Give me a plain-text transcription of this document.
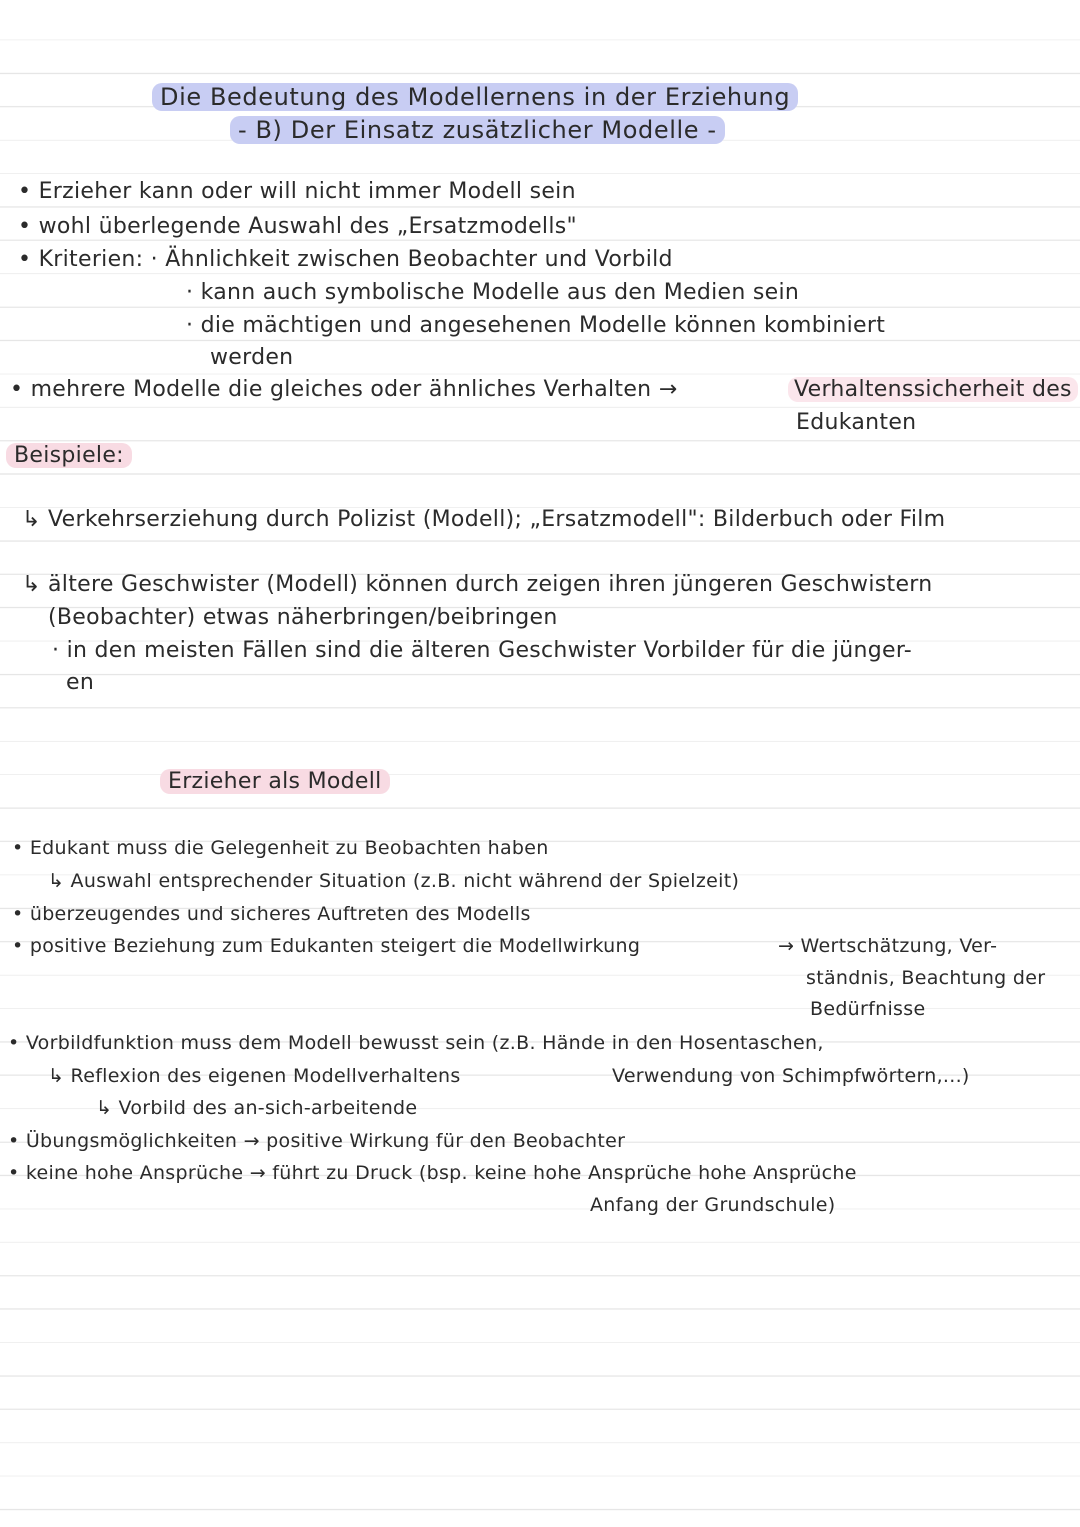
Die Bedeutung des Modellernens in der Erziehung
- B) Der Einsatz zusätzlicher Modelle -
• Erzieher kann oder will nicht immer Modell sein
• wohl überlegende Auswahl des „Ersatzmodells"
• Kriterien: · Ähnlichkeit zwischen Beobachter und Vorbild
· kann auch symbolische Modelle aus den Medien sein
· die mächtigen und angesehenen Modelle können kombiniert
werden
• mehrere Modelle die gleiches oder ähnliches Verhalten →	Verhaltenssicherheit des
Edukanten
Beispiele:
↳ Verkehrserziehung durch Polizist (Modell); „Ersatzmodell": Bilderbuch oder Film
↳ ältere Geschwister (Modell) können durch zeigen ihren jüngeren Geschwistern
(Beobachter) etwas näherbringen/beibringen
· in den meisten Fällen sind die älteren Geschwister Vorbilder für die jünger-
en
Erzieher als Modell
• Edukant muss die Gelegenheit zu Beobachten haben
↳ Auswahl entsprechender Situation (z.B. nicht während der Spielzeit)
• überzeugendes und sicheres Auftreten des Modells
• positive Beziehung zum Edukanten steigert die Modellwirkung	→ Wertschätzung, Ver-
ständnis, Beachtung der
Bedürfnisse
• Vorbildfunktion muss dem Modell bewusst sein (z.B. Hände in den Hosentaschen,
↳ Reflexion des eigenen Modellverhaltens	Verwendung von Schimpfwörtern,...)
↳ Vorbild des an-sich-arbeitende
• Übungsmöglichkeiten → positive Wirkung für den Beobachter
• keine hohe Ansprüche → führt zu Druck (bsp. keine hohe Ansprüche hohe Ansprüche
Anfang der Grundschule)
